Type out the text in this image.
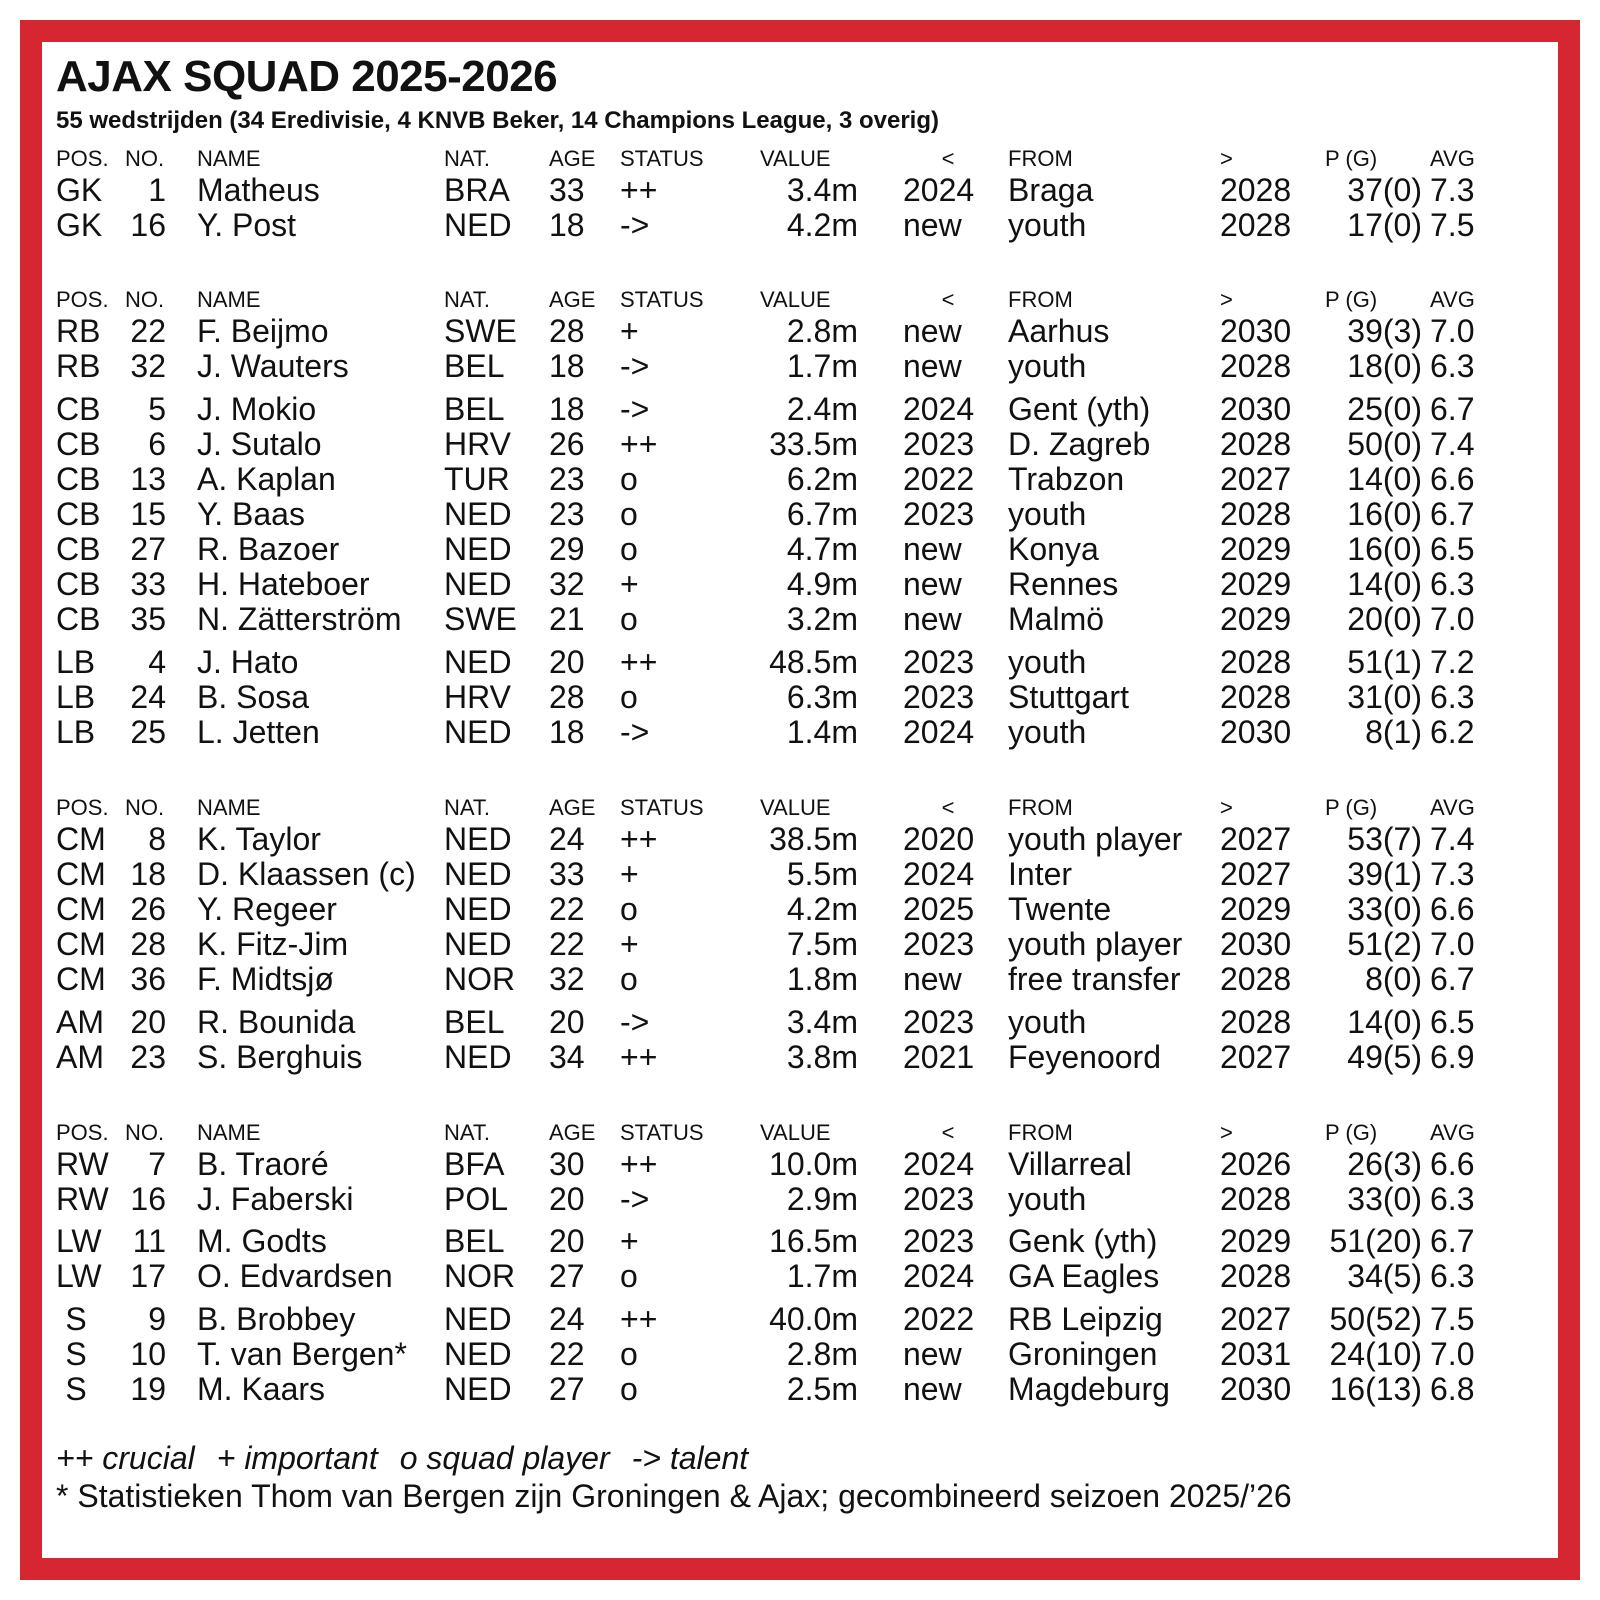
AJAX SQUAD 2025-2026
55 wedstrijden (34 Eredivisie, 4 KNVB Beker, 14 Champions League, 3 overig)
POS. NO. NAME	NAT.	AGE STATUS	VALUE	<	FROM	>	P (G) AVG
GK	1 Matheus	BRA	33	++	3.4m 2024	Braga	2028	37(0) 7.3
GK 16 Y. Post	NED	18	->	4.2m new	youth	2028	17(0) 7.5
POS. NO. NAME	NAT.	AGE STATUS	VALUE	<	FROM	>	P (G) AVG
RB 22 F. Beijmo	SWE	28	+	2.8m new	Aarhus	2030	39(3) 7.0
RB 32 J. Wauters	BEL	18	->	1.7m new	youth	2028	18(0) 6.3
CB	5 J. Mokio	BEL	18	->	2.4m 2024	Gent (yth)	2030	25(0) 6.7
CB	6 J. Sutalo	HRV	26	++	33.5m 2023	D. Zagreb	2028	50(0) 7.4
CB 13 A. Kaplan	TUR	23	o	6.2m 2022	Trabzon	2027	14(0) 6.6
CB 15 Y. Baas	NED	23	o	6.7m 2023	youth	2028	16(0) 6.7
CB 27 R. Bazoer	NED	29	o	4.7m new	Konya	2029	16(0) 6.5
CB 33 H. Hateboer	NED	32	+	4.9m new	Rennes	2029	14(0) 6.3
CB 35 N. Zätterström	SWE	21	o	3.2m new	Malmö	2029	20(0) 7.0
LB	4 J. Hato	NED	20	++	48.5m 2023	youth	2028	51(1) 7.2
LB	24 B. Sosa	HRV	28	o	6.3m 2023	Stuttgart	2028	31(0) 6.3
LB	25 L. Jetten	NED	18	->	1.4m 2024	youth	2030	8(1) 6.2
POS. NO. NAME	NAT.	AGE STATUS	VALUE	<	FROM	>	P (G) AVG
CM	8 K. Taylor	NED	24	++	38.5m 2020	youth player	2027	53(7) 7.4
CM 18 D. Klaassen (c) NED	33	+	5.5m 2024	Inter	2027	39(1) 7.3
CM 26 Y. Regeer	NED	22	o	4.2m 2025	Twente	2029	33(0) 6.6
CM 28 K. Fitz-Jim	NED	22	+	7.5m 2023	youth player	2030	51(2) 7.0
CM 36 F. Midtsjø	NOR	32	o	1.8m new	free transfer	2028	8(0) 6.7
AM 20 R. Bounida	BEL	20	->	3.4m 2023	youth	2028	14(0) 6.5
AM 23 S. Berghuis	NED	34	++	3.8m 2021	Feyenoord	2027	49(5) 6.9
POS. NO. NAME	NAT.	AGE STATUS	VALUE	<	FROM	>	P (G) AVG
RW	7 B. Traoré	BFA	30	++	10.0m 2024	Villarreal	2026	26(3) 6.6
RW 16 J. Faberski	POL	20	->	2.9m 2023	youth	2028	33(0) 6.3
LW 11 M. Godts	BEL	20	+	16.5m 2023	Genk (yth)	2029	51(20) 6.7
LW 17 O. Edvardsen	NOR	27	o	1.7m 2024	GA Eagles	2028	34(5) 6.3
S	9 B. Brobbey	NED	24	++	40.0m 2022	RB Leipzig	2027	50(52) 7.5
S	10 T. van Bergen*	NED	22	o	2.8m new	Groningen	2031	24(10) 7.0
S	19 M. Kaars	NED	27	o	2.5m new	Magdeburg	2030	16(13) 6.8
++ crucial + important o squad player -> talent
* Statistieken Thom van Bergen zijn Groningen & Ajax; gecombineerd seizoen 2025/’26
